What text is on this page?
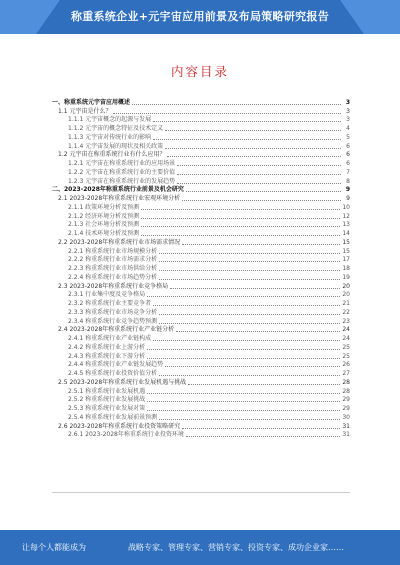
称重系统企业+元宇宙应用前景及布局策略研究报告
内容目录
一、称重系统元宇宙应用概述	3
1.1 元宇宙是什么？	3
1.1.1 元宇宙概念的起源与发展	3
1.1.2 元宇宙的概念特征及技术定义	4
1.1.3 元宇宙对传统行业的影响	5
1.1.4 元宇宙发展的现状及相关政策	6
1.2 元宇宙在称重系统行业有什么应用？	6
1.2.1 元宇宙在称重系统行业的应用场景	6
1.2.2 元宇宙在称重系统行业的主要价值	7
1.2.3 元宇宙在称重系统行业的发展趋势	8
二、2023-2028年称重系统行业前景及机会研究	9
2.1 2023-2028年称重系统行业宏观环境分析	9
2.1.1 政策环境分析及预测	10
2.1.2 经济环境分析及预测	12
2.1.3 社会环境分析及预测	13
2.1.4 技术环境分析及预测	14
2.2 2023-2028年称重系统行业市场需求情况	15
2.2.1 称重系统行业市场规模分析	15
2.2.2 称重系统行业市场需求分析	17
2.2.3 称重系统行业市场供给分析	18
2.2.4 称重系统行业市场趋势分析	19
2.3 2023-2028年称重系统行业竞争格局	20
2.3.1 行业集中度及竞争格局	20
2.3.2 称重系统行业主要竞争者	21
2.3.3 称重系统行业市场竞争分析	22
2.3.4 称重系统行业竞争趋势预测	23
2.4 2023-2028年称重系统行业产业链分析	24
2.4.1 称重系统行业产业链构成	24
2.4.2 称重系统行业上游分析	25
2.4.3 称重系统行业下游分析	25
2.4.4 称重系统行业产业链发展趋势	26
2.4.5 称重系统行业投资价值分析	27
2.5 2023-2028年称重系统行业发展机遇与挑战	28
2.5.1 称重系统行业发展机遇	28
2.5.2 称重系统行业发展挑战	29
2.5.3 称重系统行业发展对策	29
2.5.4 称重系统行业发展前景预测	30
2.6 2023-2028年称重系统行业投资策略研究	31
2.6.1 2023-2028年称重系统行业投资环境	31
让每个人都能成为	战略专家、管理专家、营销专家、投资专家、成功企业家……
